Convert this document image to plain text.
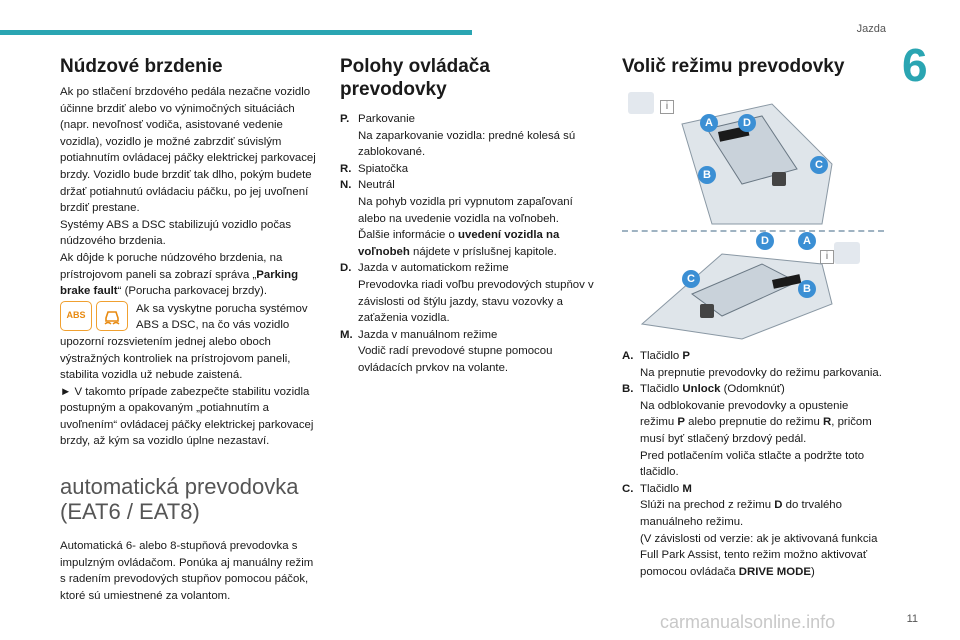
Jazda
6
Núdzové brzdenie
Ak po stlačení brzdového pedála nezačne vozidlo účinne brzdiť alebo vo výnimočných situáciách (napr. nevoľnosť vodiča, asistované vedenie vozidla), vozidlo je možné zabrzdiť súvislým potiahnutím ovládacej páčky elektrickej parkovacej brzdy. Vozidlo bude brzdiť tak dlho, pokým budete držať potiahnutú ovládaciu páčku, po jej uvoľnení brzdiť prestane.
Systémy ABS a DSC stabilizujú vozidlo počas núdzového brzdenia.
Ak dôjde k poruche núdzového brzdenia, na prístrojovom paneli sa zobrazí správa „Parking brake fault“ (Porucha parkovacej brzdy).
ABS
Ak sa vyskytne porucha systémov ABS a DSC, na čo vás vozidlo upozorní rozsvietením jednej alebo oboch výstražných kontroliek na prístrojovom paneli, stabilita vozidla už nebude zaistená.
► V takomto prípade zabezpečte stabilitu vozidla postupným a opakovaným „potiahnutím a uvoľnením“ ovládacej páčky elektrickej parkovacej brzdy, až kým sa vozidlo úplne nezastaví.
automatická prevodovka
(EAT6 / EAT8)
Automatická 6- alebo 8-stupňová prevodovka s impulzným ovládačom. Ponúka aj manuálny režim s radením prevodových stupňov pomocou páčok, ktoré sú umiestnené za volantom.
Polohy ovládača
prevodovky
P. Parkovanie
Na zaparkovanie vozidla: predné kolesá sú zablokované.
R. Spiatočka
N. Neutrál
Na pohyb vozidla pri vypnutom zapaľovaní alebo na uvedenie vozidla na voľnobeh.
Ďalšie informácie o uvedení vozidla na voľnobeh nájdete v príslušnej kapitole.
D. Jazda v automatickom režime
Prevodovka riadi voľbu prevodových stupňov v závislosti od štýlu jazdy, stavu vozovky a zaťaženia vozidla.
M. Jazda v manuálnom režime
Vodič radí prevodové stupne pomocou ovládacích prvkov na volante.
Volič režimu prevodovky
i
A	D
C
B
i
D	A
C
B
A. Tlačidlo P
Na prepnutie prevodovky do režimu parkovania.
B. Tlačidlo Unlock (Odomknúť)
Na odblokovanie prevodovky a opustenie režimu P alebo prepnutie do režimu R, pričom musí byť stlačený brzdový pedál.
Pred potlačením voliča stlačte a podržte toto tlačidlo.
C. Tlačidlo M
Slúži na prechod z režimu D do trvalého manuálneho režimu.
(V závislosti od verzie: ak je aktivovaná funkcia Full Park Assist, tento režim možno aktivovať pomocou ovládača DRIVE MODE)
carmanualsonline.info	11
